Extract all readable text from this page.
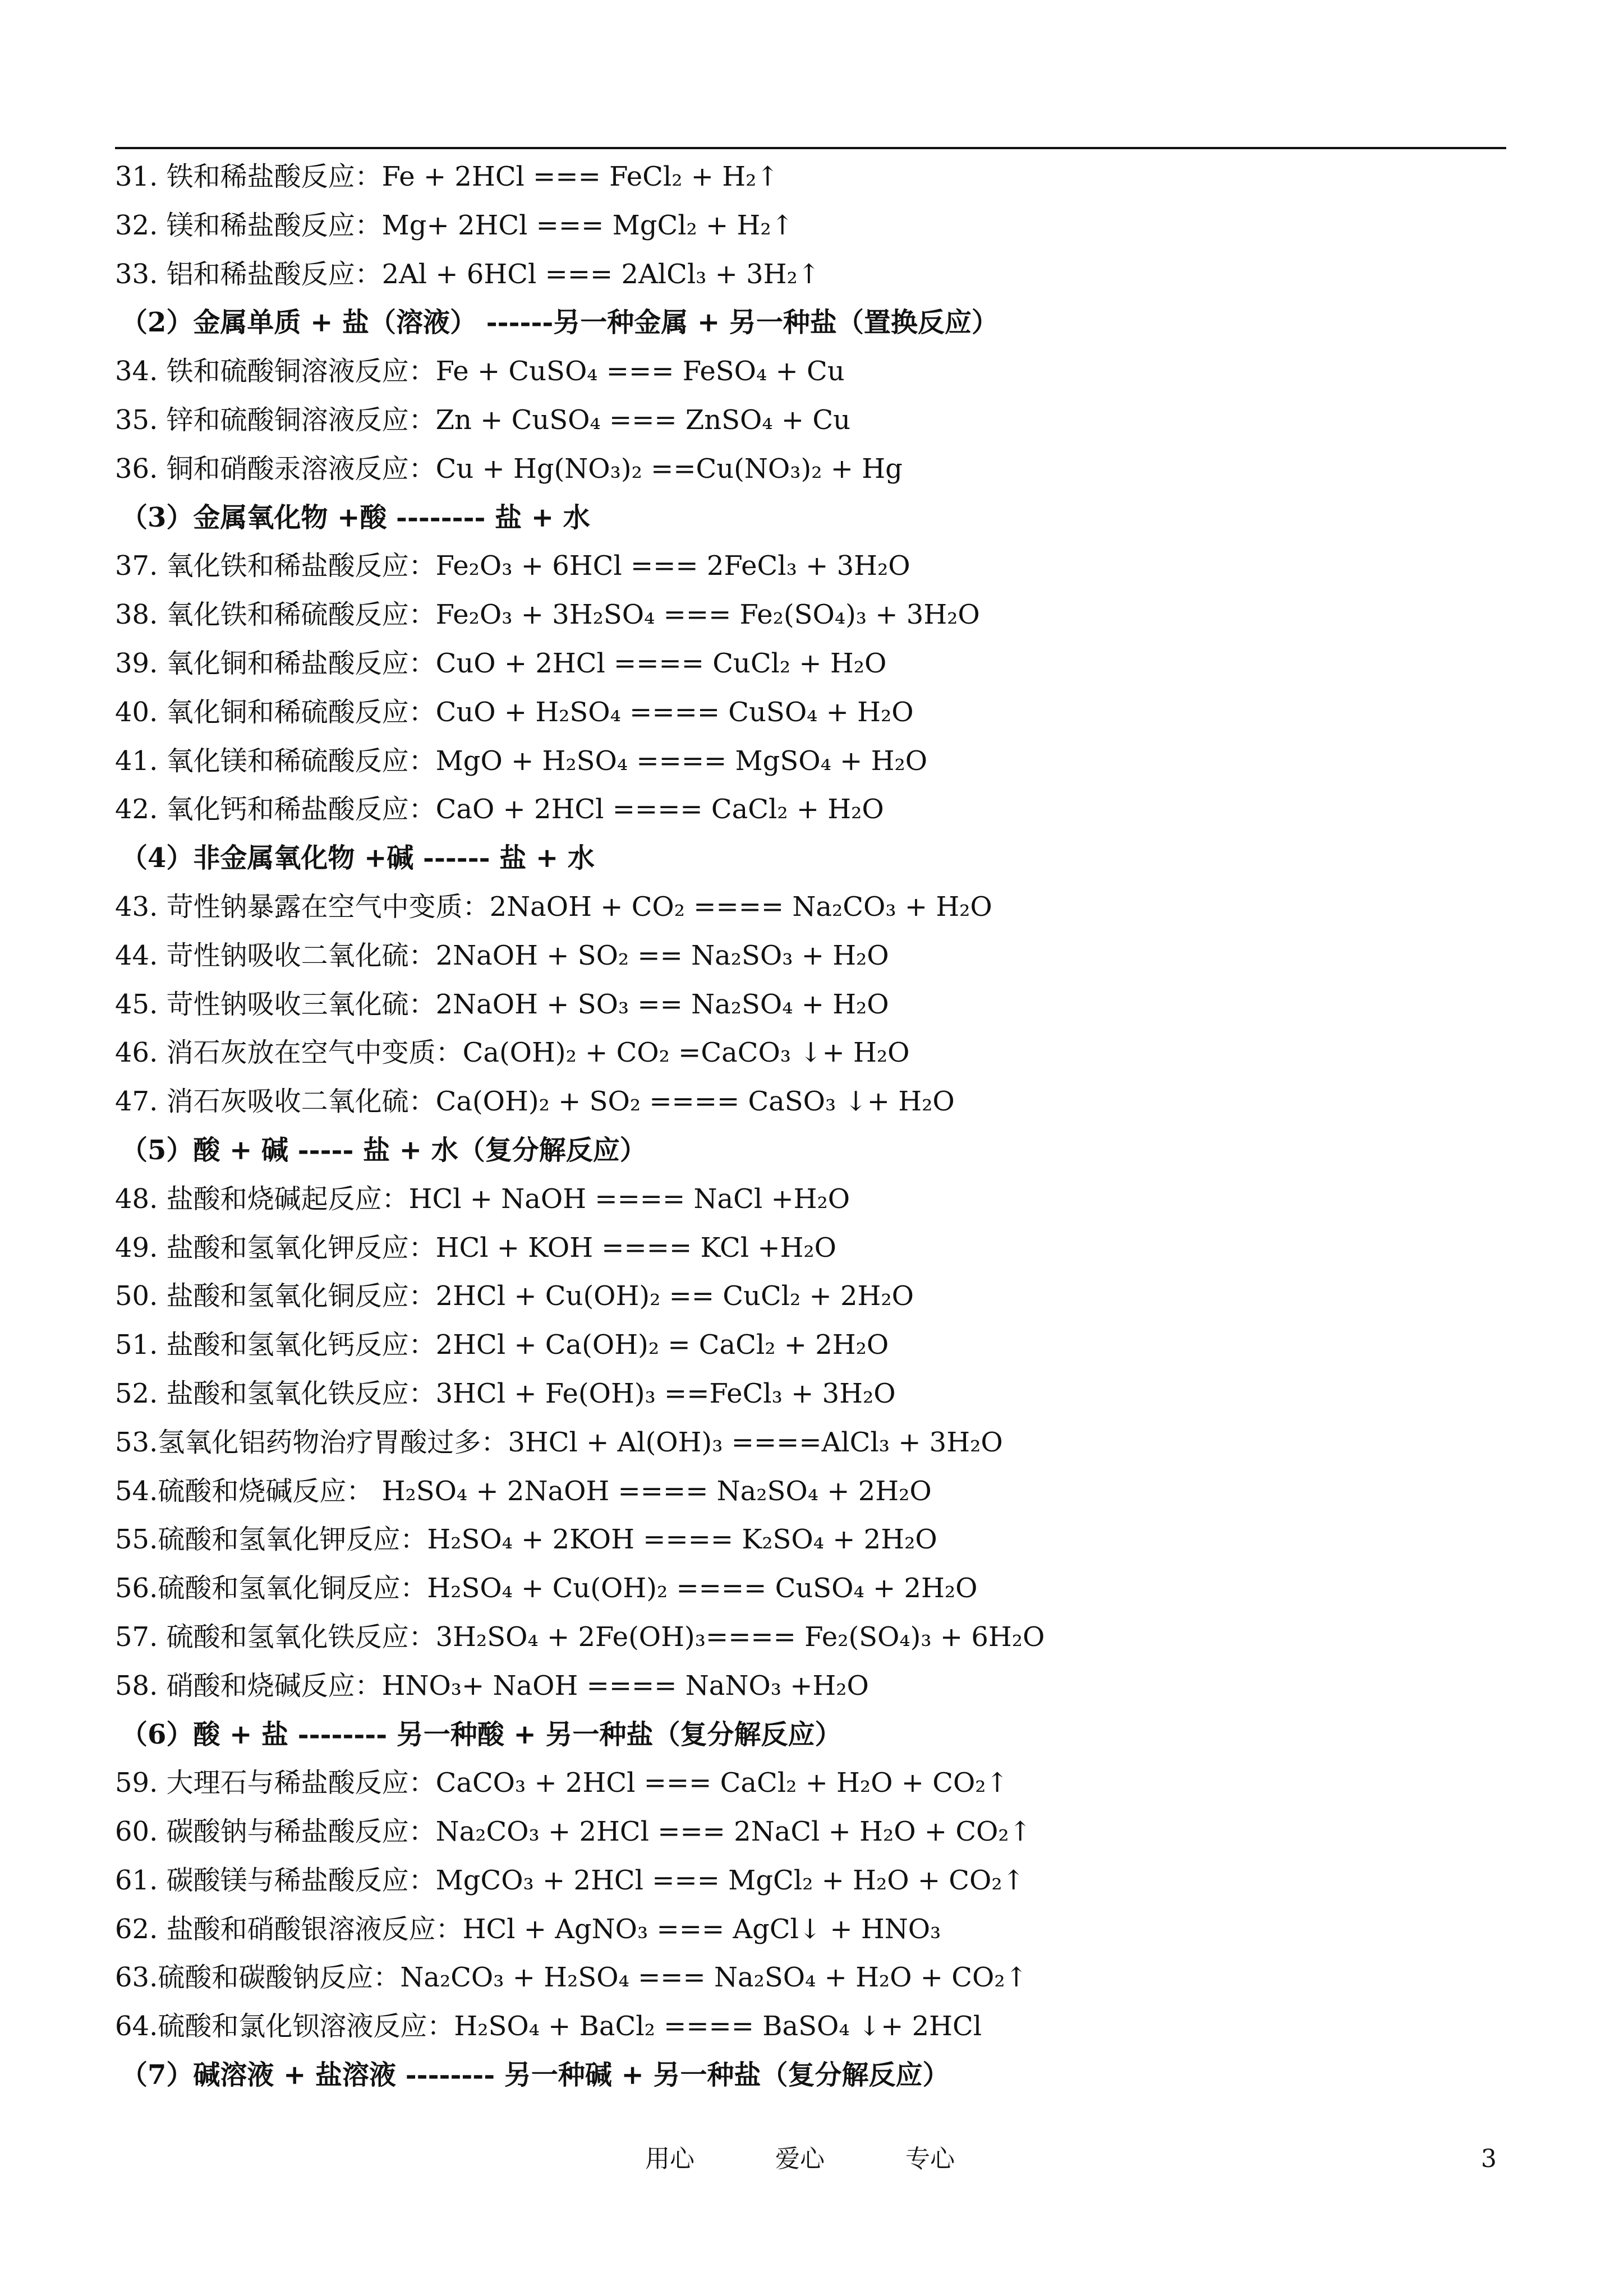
31. 铁和稀盐酸反应：Fe + 2HCl === FeCl₂ + H₂↑
32. 镁和稀盐酸反应：Mg+ 2HCl === MgCl₂ + H₂↑
33. 铝和稀盐酸反应：2Al + 6HCl === 2AlCl₃ + 3H₂↑
（2）金属单质 + 盐（溶液） ------另一种金属 + 另一种盐（置换反应）
34. 铁和硫酸铜溶液反应：Fe + CuSO₄ === FeSO₄ + Cu
35. 锌和硫酸铜溶液反应：Zn + CuSO₄ === ZnSO₄ + Cu
36. 铜和硝酸汞溶液反应：Cu + Hg(NO₃)₂ ==Cu(NO₃)₂ + Hg
（3）金属氧化物 +酸 -------- 盐 + 水
37. 氧化铁和稀盐酸反应：Fe₂O₃ + 6HCl === 2FeCl₃ + 3H₂O
38. 氧化铁和稀硫酸反应：Fe₂O₃ + 3H₂SO₄ === Fe₂(SO₄)₃ + 3H₂O
39. 氧化铜和稀盐酸反应：CuO + 2HCl ==== CuCl₂ + H₂O
40. 氧化铜和稀硫酸反应：CuO + H₂SO₄ ==== CuSO₄ + H₂O
41. 氧化镁和稀硫酸反应：MgO + H₂SO₄ ==== MgSO₄ + H₂O
42. 氧化钙和稀盐酸反应：CaO + 2HCl ==== CaCl₂ + H₂O
（4）非金属氧化物 +碱 ------ 盐 + 水
43. 苛性钠暴露在空气中变质：2NaOH + CO₂ ==== Na₂CO₃ + H₂O
44. 苛性钠吸收二氧化硫：2NaOH + SO₂ == Na₂SO₃ + H₂O
45. 苛性钠吸收三氧化硫：2NaOH + SO₃ == Na₂SO₄ + H₂O
46. 消石灰放在空气中变质：Ca(OH)₂ + CO₂ =CaCO₃ ↓+ H₂O
47. 消石灰吸收二氧化硫：Ca(OH)₂ + SO₂ ==== CaSO₃ ↓+ H₂O
（5）酸 + 碱 ----- 盐 + 水（复分解反应）
48. 盐酸和烧碱起反应：HCl + NaOH ==== NaCl +H₂O
49. 盐酸和氢氧化钾反应：HCl + KOH ==== KCl +H₂O
50. 盐酸和氢氧化铜反应：2HCl + Cu(OH)₂ == CuCl₂ + 2H₂O
51. 盐酸和氢氧化钙反应：2HCl + Ca(OH)₂ = CaCl₂ + 2H₂O
52. 盐酸和氢氧化铁反应：3HCl + Fe(OH)₃ ==FeCl₃ + 3H₂O
53.氢氧化铝药物治疗胃酸过多：3HCl + Al(OH)₃ ====AlCl₃ + 3H₂O
54.硫酸和烧碱反应： H₂SO₄ + 2NaOH ==== Na₂SO₄ + 2H₂O
55.硫酸和氢氧化钾反应：H₂SO₄ + 2KOH ==== K₂SO₄ + 2H₂O
56.硫酸和氢氧化铜反应：H₂SO₄ + Cu(OH)₂ ==== CuSO₄ + 2H₂O
57. 硫酸和氢氧化铁反应：3H₂SO₄ + 2Fe(OH)₃==== Fe₂(SO₄)₃ + 6H₂O
58. 硝酸和烧碱反应：HNO₃+ NaOH ==== NaNO₃ +H₂O
（6）酸 + 盐 -------- 另一种酸 + 另一种盐（复分解反应）
59. 大理石与稀盐酸反应：CaCO₃ + 2HCl === CaCl₂ + H₂O + CO₂↑
60. 碳酸钠与稀盐酸反应：Na₂CO₃ + 2HCl === 2NaCl + H₂O + CO₂↑
61. 碳酸镁与稀盐酸反应：MgCO₃ + 2HCl === MgCl₂ + H₂O + CO₂↑
62. 盐酸和硝酸银溶液反应：HCl + AgNO₃ === AgCl↓ + HNO₃
63.硫酸和碳酸钠反应：Na₂CO₃ + H₂SO₄ === Na₂SO₄ + H₂O + CO₂↑
64.硫酸和氯化钡溶液反应：H₂SO₄ + BaCl₂ ==== BaSO₄ ↓+ 2HCl
（7）碱溶液 + 盐溶液 -------- 另一种碱 + 另一种盐（复分解反应）
用心	爱心	专心	3
